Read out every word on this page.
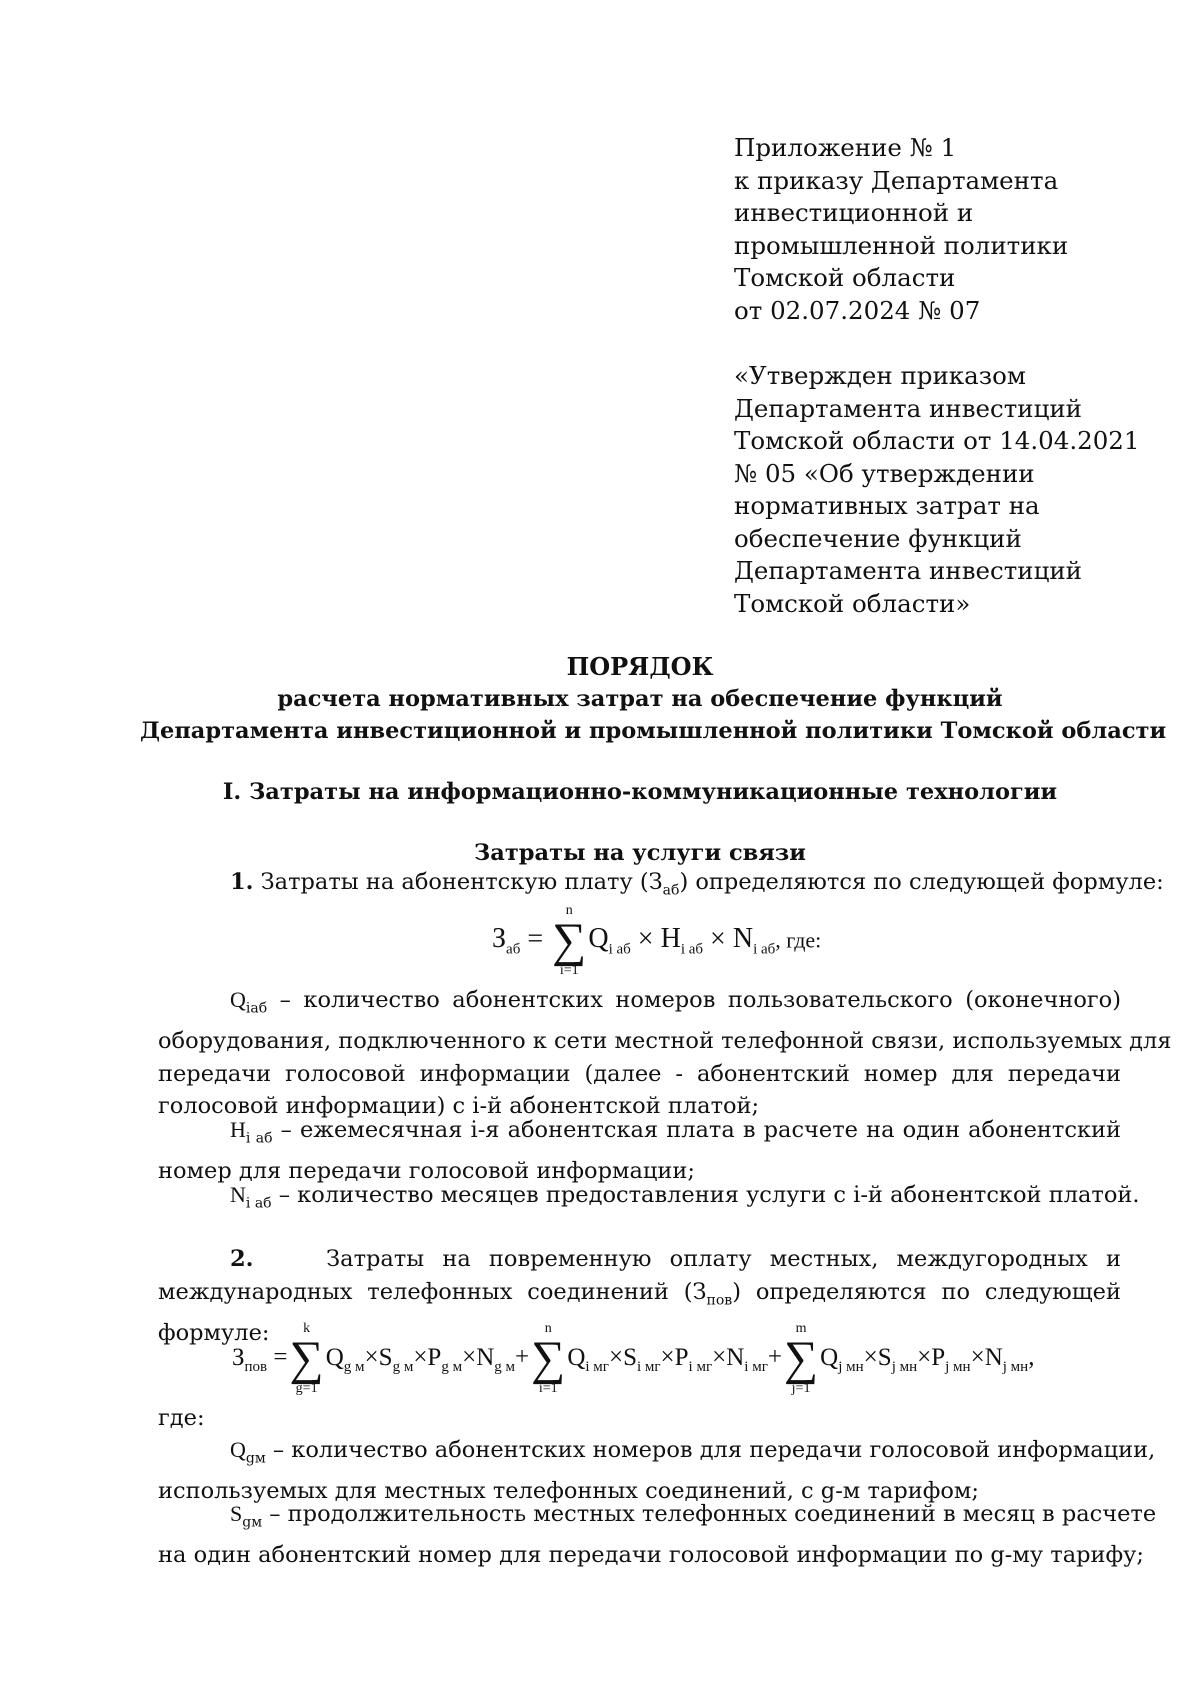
Приложение № 1
к приказу Департамента
инвестиционной и
промышленной политики
Томской области
от 02.07.2024 № 07
«Утвержден приказом
Департамента инвестиций
Томской области от 14.04.2021
№ 05 «Об утверждении
нормативных затрат на
обеспечение функций
Департамента инвестиций
Томской области»
ПОРЯДОК
расчета нормативных затрат на обеспечение функций
Департамента инвестиционной и промышленной политики Томской области
I. Затраты на информационно-коммуникационные технологии
Затраты на услуги связи
1. Затраты на абонентскую плату $(З_{аб})$ определяются по следующей формуле:
$З_{аб}$ =
n
∑
i=1
$Q_{i аб} \times H_{i аб} \times N_{i аб}$, где:
$Q_{iаб}$ – количество абонентских номеров пользовательского (оконечного)
оборудования, подключенного к сети местной телефонной связи, используемых для
передачи голосовой информации (далее - абонентский номер для передачи
голосовой информации) с i-й абонентской платой;
$H_{i аб}$ – ежемесячная i-я абонентская плата в расчете на один абонентский
номер для передачи голосовой информации;
$N_{i аб}$ – количество месяцев предоставления услуги с i-й абонентской платой.
2.	Затраты на повременную оплату местных, междугородных и
международных телефонных соединений $(З_{пов})$ определяются по следующей
формуле:
$З_{пов}$ =
k
∑
g=1
$Q_{g м}\times S_{g м}\times P_{g м}\times N_{g м}+$
n
∑
i=1
$Q_{i мг}\times S_{i мг}\times P_{i мг}\times N_{i мг}+$
m
∑
j=1
$Q_{j мн}\times S_{j мн}\times P_{j мн}\times N_{j мн}$,
где:
$Q_{gм}$ – количество абонентских номеров для передачи голосовой информации,
используемых для местных телефонных соединений, с g-м тарифом;
$S_{gм}$ – продолжительность местных телефонных соединений в месяц в расчете
на один абонентский номер для передачи голосовой информации по g-му тарифу;
